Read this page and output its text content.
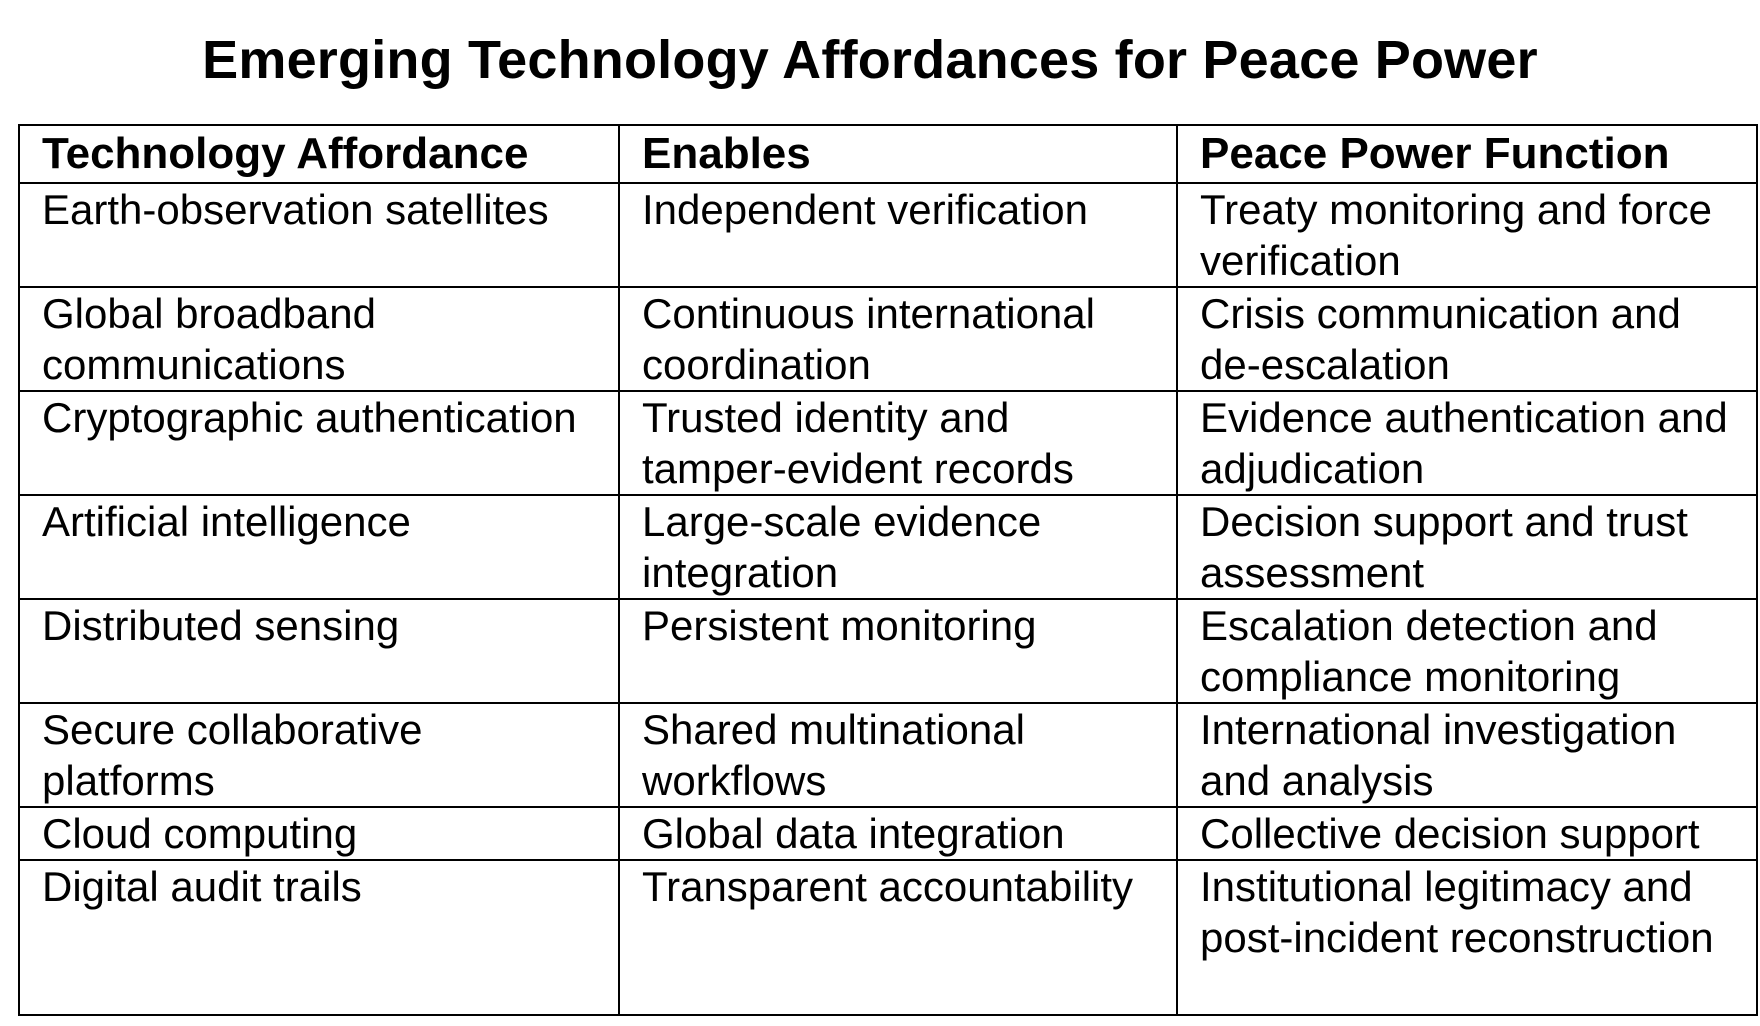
Emerging Technology Affordances for Peace Power
Technology Affordance	Enables	Peace Power Function
Earth-observation satellites	Independent verification	Treaty monitoring and force verification
Global broadband communications	Continuous international coordination	Crisis communication and de-escalation
Cryptographic authentication	Trusted identity and tamper-evident records	Evidence authentication and adjudication
Artificial intelligence	Large-scale evidence integration	Decision support and trust assessment
Distributed sensing	Persistent monitoring	Escalation detection and compliance monitoring
Secure collaborative platforms	Shared multinational workflows	International investigation and analysis
Cloud computing	Global data integration	Collective decision support
Digital audit trails	Transparent accountability	Institutional legitimacy and post-incident reconstruction
